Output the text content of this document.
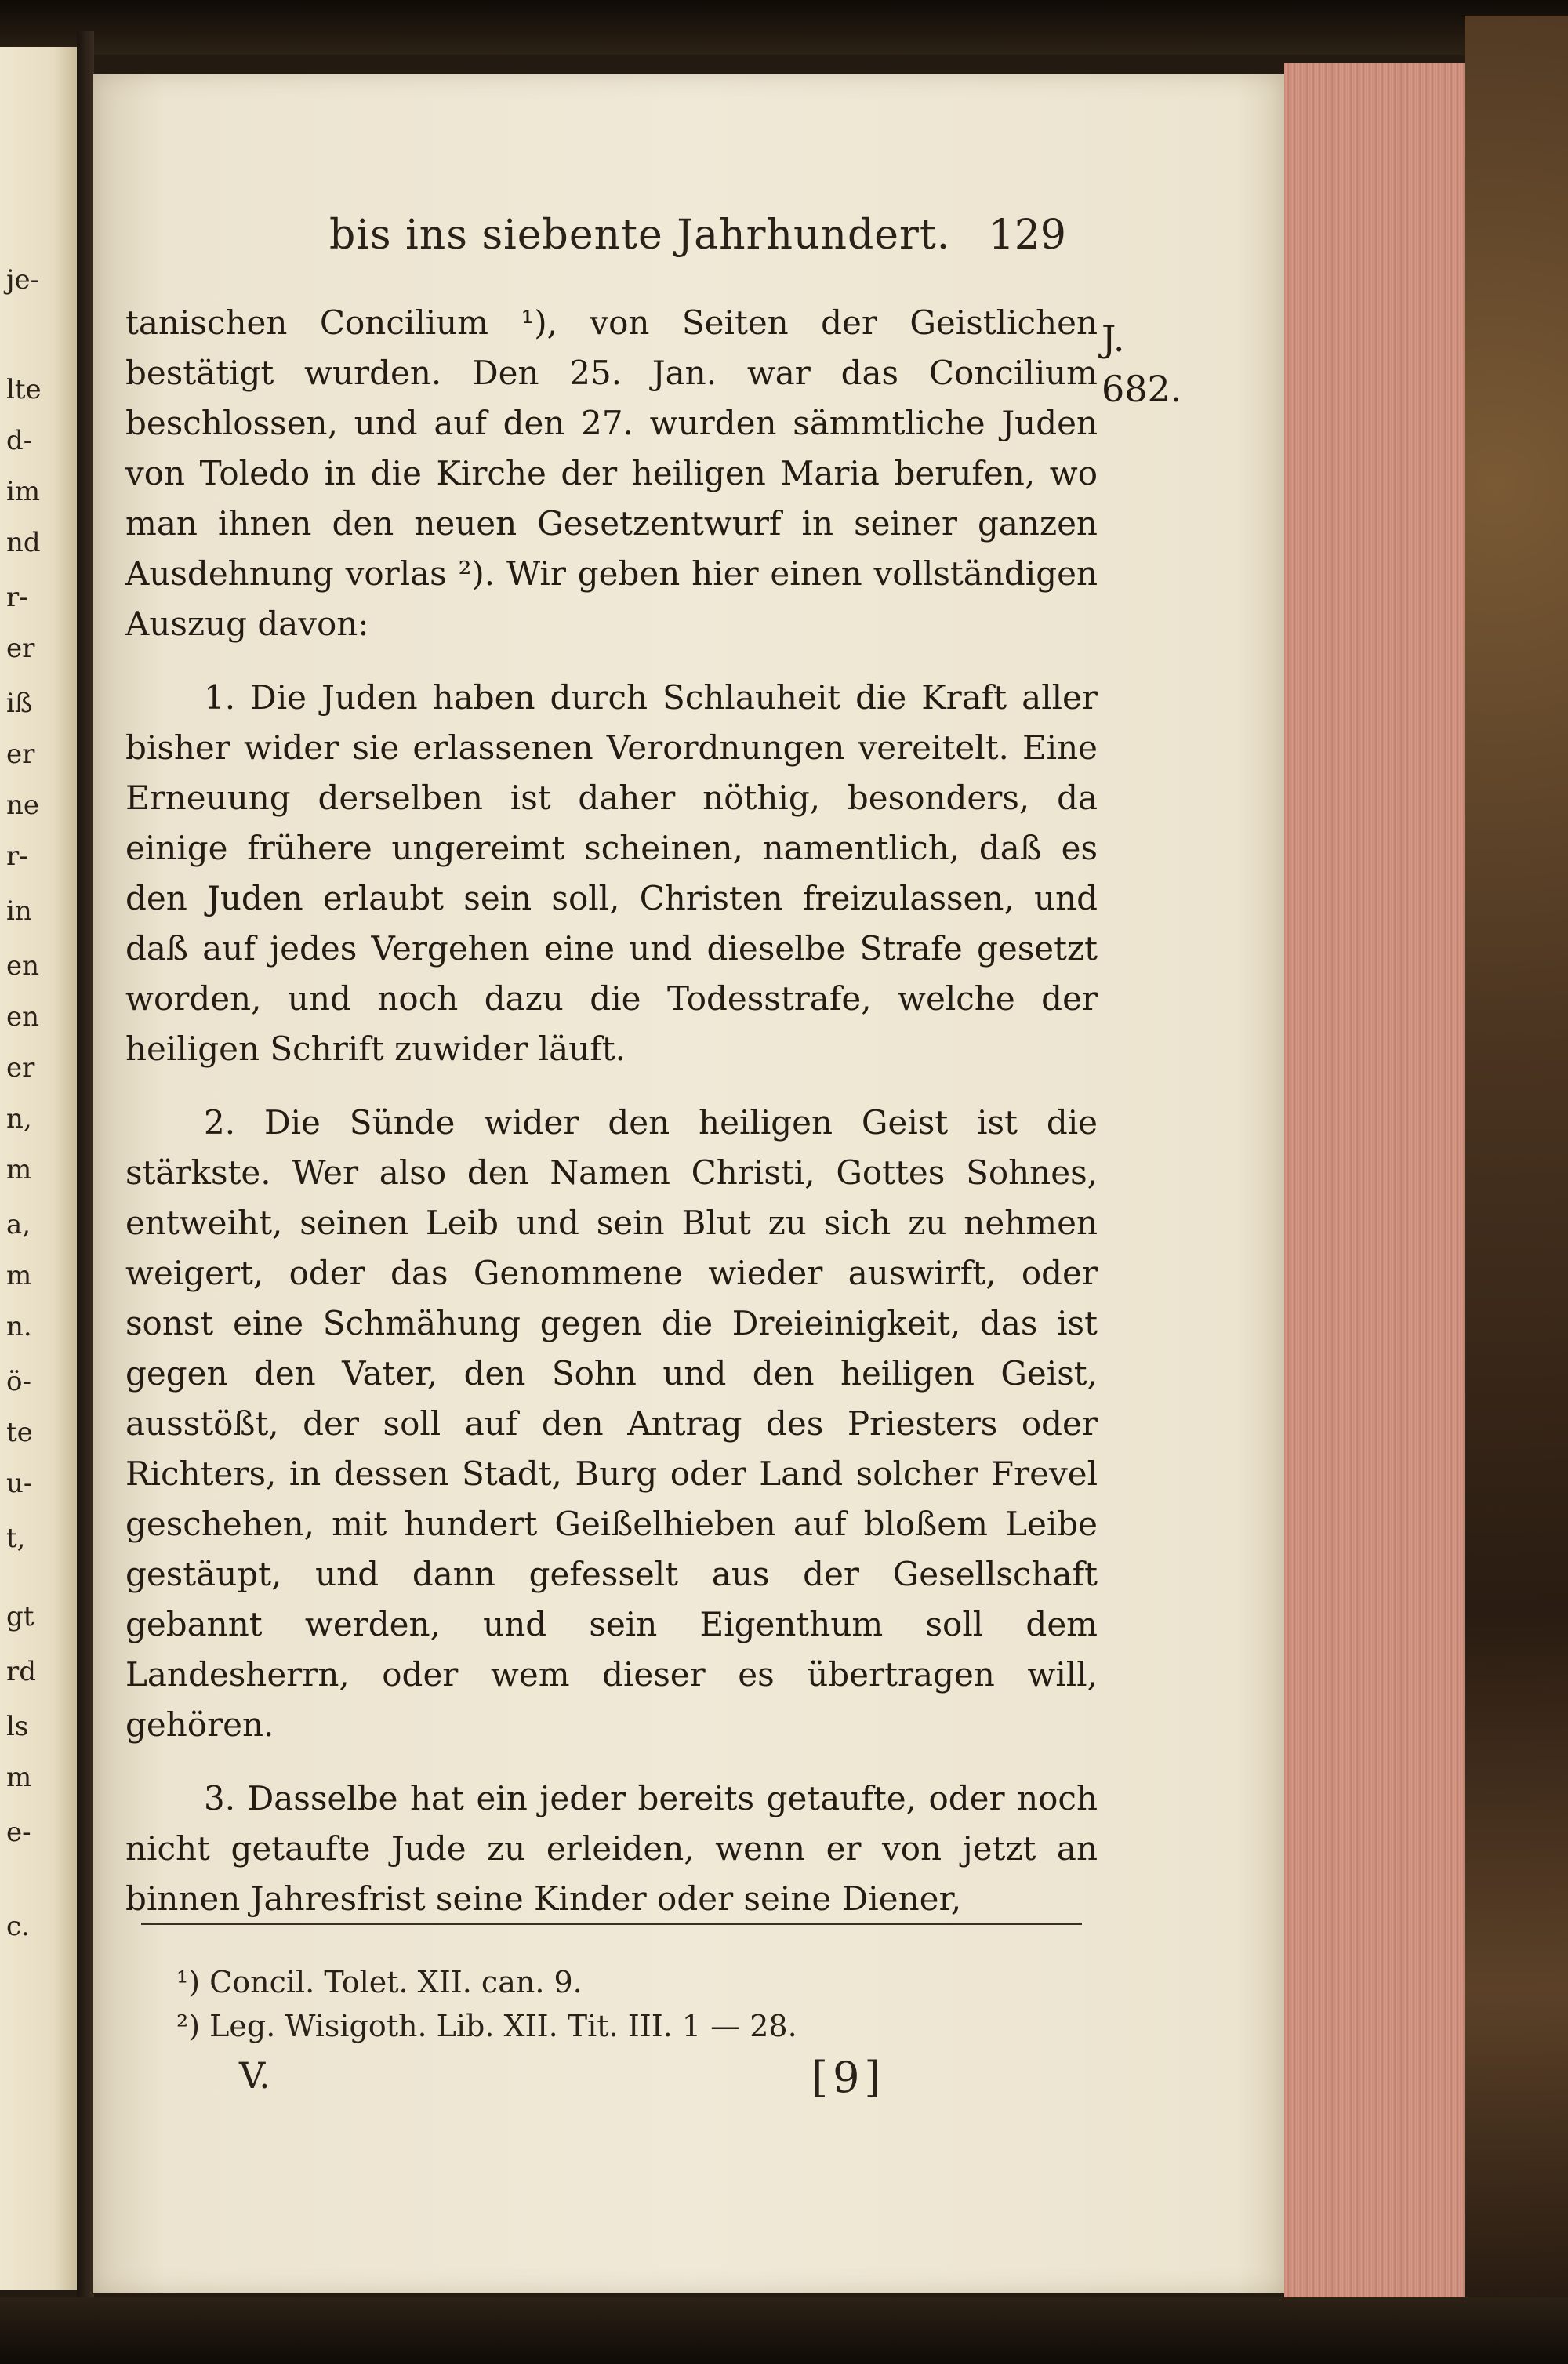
je-
lte
d-
im
nd
r-
er
iß
er
ne
r-
in
en
en
er
n,
m
a,
m
n.
ö-
te
u-
t,
gt
rd
ls
m
e-
c.
bis ins siebente Jahrhundert. 129
J.
682.

tanischen Concilium ¹), von Seiten der Geistlichen bestätigt wurden. Den 25. Jan. war das Concilium beschlossen, und auf den 27. wurden sämmtliche Juden von Toledo in die Kirche der heiligen Maria berufen, wo man ihnen den neuen Gesetzentwurf in seiner ganzen Ausdehnung vorlas ²). Wir geben hier einen vollständigen Auszug davon:

1. Die Juden haben durch Schlauheit die Kraft aller bisher wider sie erlassenen Verordnungen vereitelt. Eine Erneuung derselben ist daher nöthig, besonders, da einige frühere ungereimt scheinen, namentlich, daß es den Juden erlaubt sein soll, Christen freizulassen, und daß auf jedes Vergehen eine und dieselbe Strafe gesetzt worden, und noch dazu die Todesstrafe, welche der heiligen Schrift zuwider läuft.

2. Die Sünde wider den heiligen Geist ist die stärkste. Wer also den Namen Christi, Gottes Sohnes, entweiht, seinen Leib und sein Blut zu sich zu nehmen weigert, oder das Genommene wieder auswirft, oder sonst eine Schmähung gegen die Dreieinigkeit, das ist gegen den Vater, den Sohn und den heiligen Geist, ausstößt, der soll auf den Antrag des Priesters oder Richters, in dessen Stadt, Burg oder Land solcher Frevel geschehen, mit hundert Geißelhieben auf bloßem Leibe gestäupt, und dann gefesselt aus der Gesellschaft gebannt werden, und sein Eigenthum soll dem Landesherrn, oder wem dieser es übertragen will, gehören.

3. Dasselbe hat ein jeder bereits getaufte, oder noch nicht getaufte Jude zu erleiden, wenn er von jetzt an binnen Jahresfrist seine Kinder oder seine Diener,

¹) Concil. Tolet. XII. can. 9.
²) Leg. Wisigoth. Lib. XII. Tit. III. 1 — 28.
V.	[9]
